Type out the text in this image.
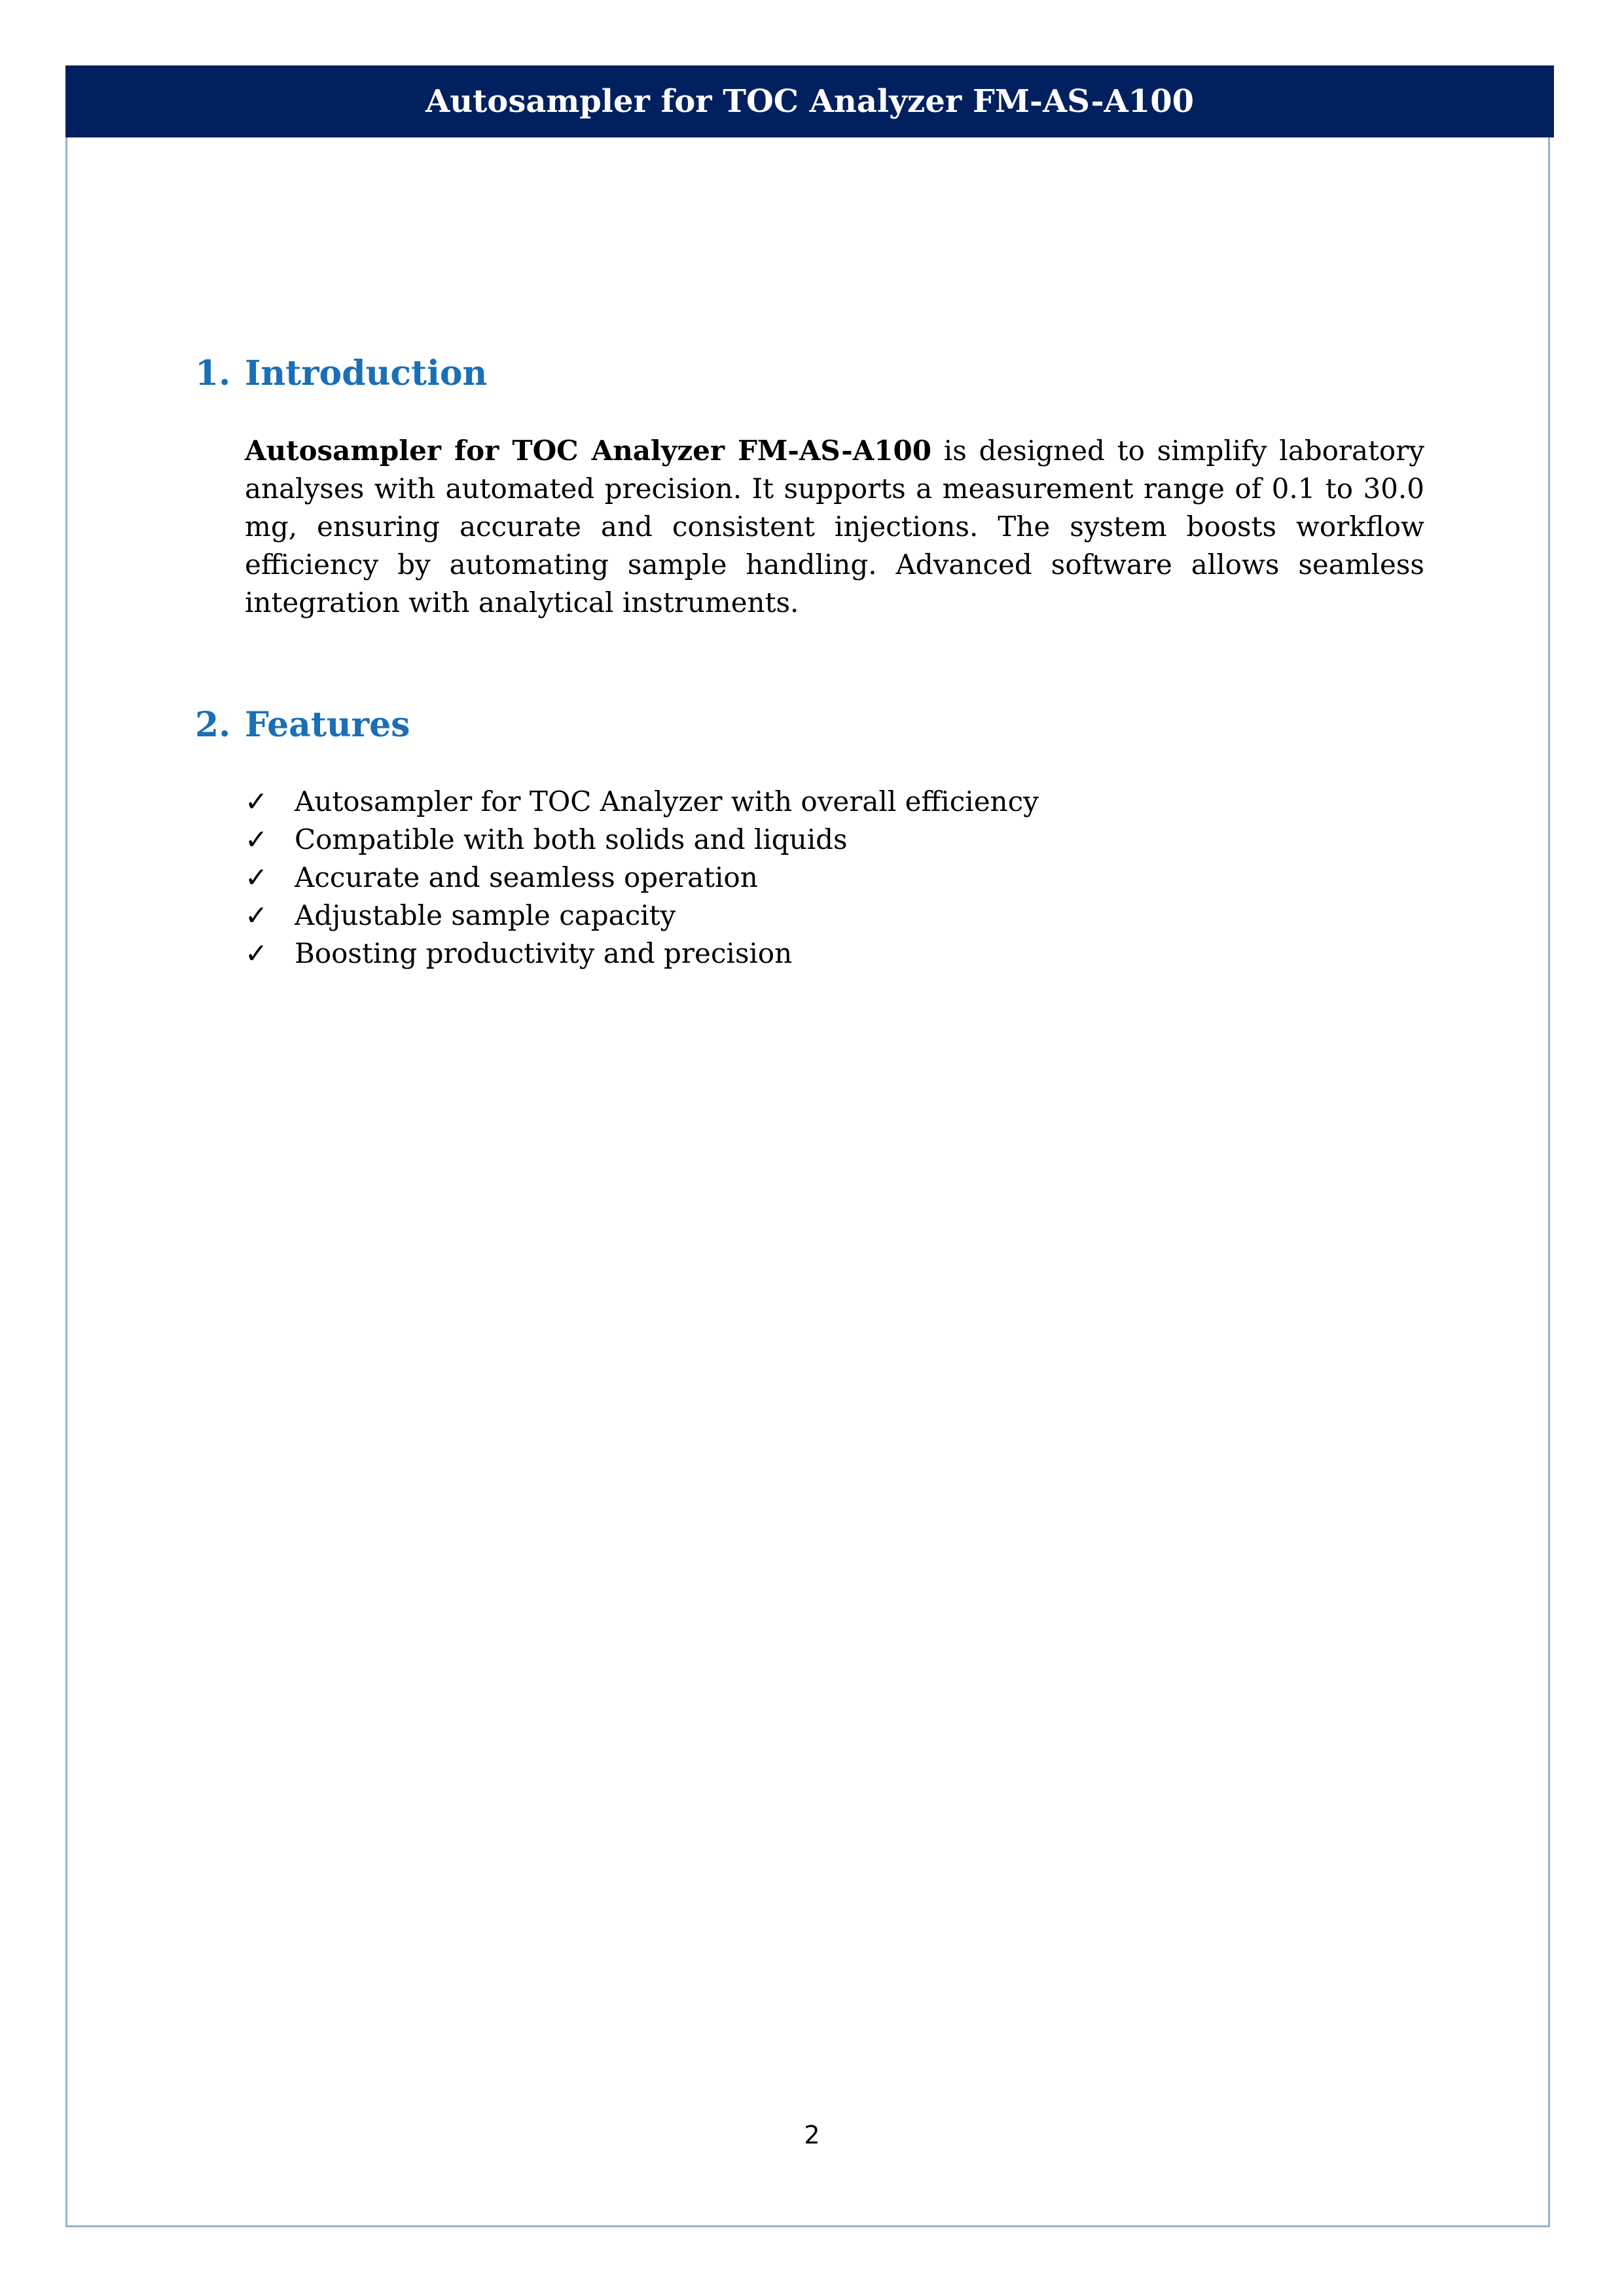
Autosampler for TOC Analyzer FM-AS-A100
1. Introduction
Autosampler for TOC Analyzer FM-AS-A100 is designed to simplify laboratory analyses with automated precision. It supports a measurement range of 0.1 to 30.0 mg, ensuring accurate and consistent injections. The system boosts workflow efficiency by automating sample handling. Advanced software allows seamless integration with analytical instruments.
2. Features
✓ Autosampler for TOC Analyzer with overall efficiency
✓ Compatible with both solids and liquids
✓ Accurate and seamless operation
✓ Adjustable sample capacity
✓ Boosting productivity and precision
2
